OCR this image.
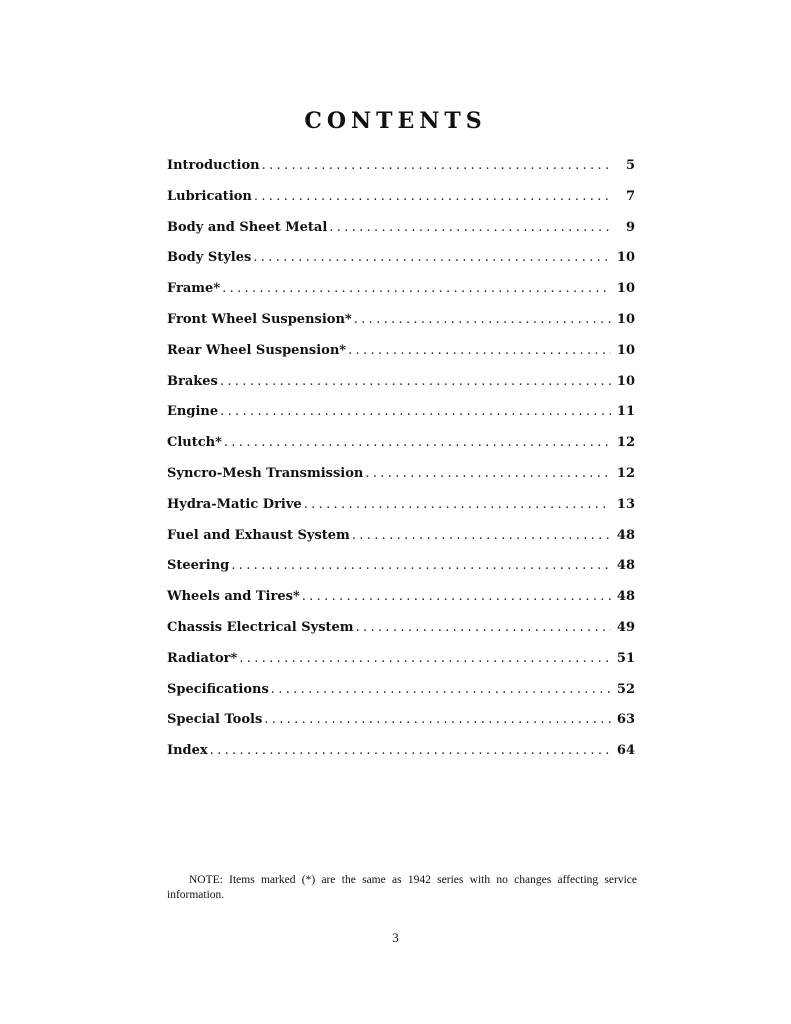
CONTENTS
Introduction . . .	5
Lubrication . . .	7
Body and Sheet Metal . . .	9
Body Styles . . .	10
Frame* . . .	10
Front Wheel Suspension* . . .	10
Rear Wheel Suspension* . . .	10
Brakes . . .	10
Engine . . .	11
Clutch* . . .	12
Syncro-Mesh Transmission . . .	12
Hydra-Matic Drive . . .	13
Fuel and Exhaust System . . .	48
Steering . . .	48
Wheels and Tires* . . .	48
Chassis Electrical System . . .	49
Radiator* . . .	51
Specifications . . .	52
Special Tools . . .	63
Index . . .	64

NOTE: Items marked (*) are the same as 1942 series with no changes affecting service information.

3
